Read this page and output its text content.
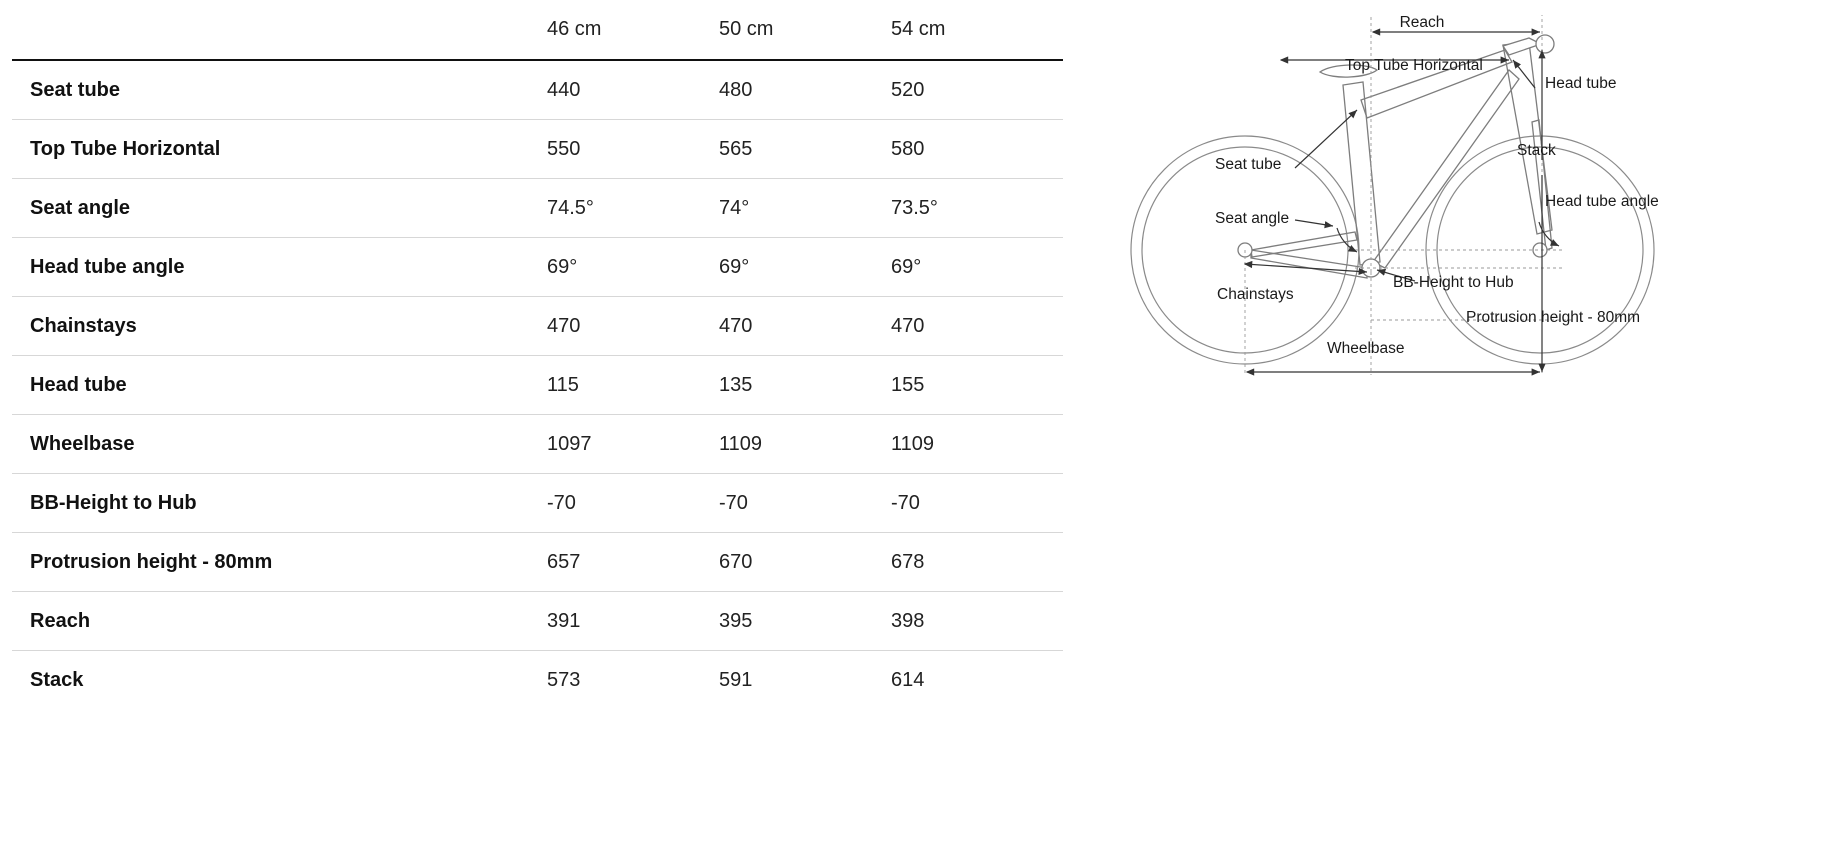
	46 cm	50 cm	54 cm
Seat tube	440	480	520
Top Tube Horizontal	550	565	580
Seat angle	74.5°	74°	73.5°
Head tube angle	69°	69°	69°
Chainstays	470	470	470
Head tube	115	135	155
Wheelbase	1097	1109	1109
BB-Height to Hub	-70	-70	-70
Protrusion height - 80mm	657	670	678
Reach	391	395	398
Stack	573	591	614
Reach
Top Tube Horizontal
Head tube
Seat tube
Stack
Seat angle
Head tube angle
BB-Height to Hub
Chainstays
Protrusion height - 80mm
Wheelbase
